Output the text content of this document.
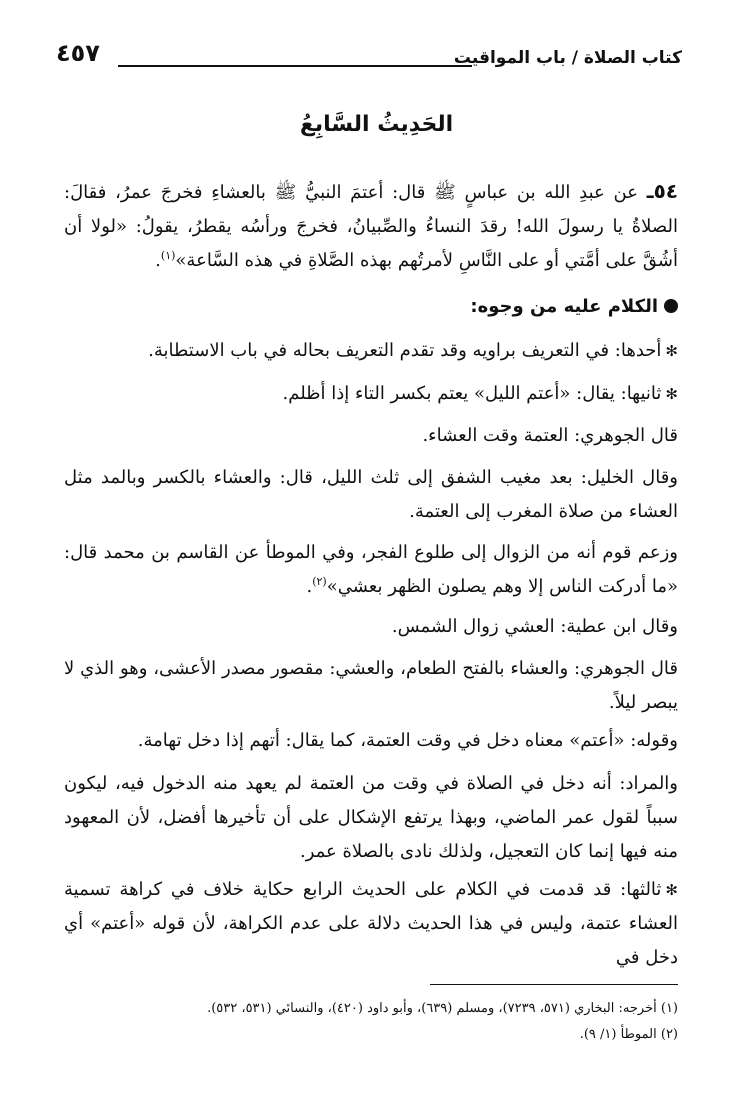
كتاب الصلاة / باب المواقيت
٤٥٧
الحَدِيثُ السَّابِعُ
٥٤ـ عن عبدِ الله بن عباسٍ ﷺ قال: أعتمَ النبيُّ ﷺ بالعشاءِ فخرجَ عمرُ، فقالَ: الصلاةُ يا رسولَ الله! رقدَ النساءُ والصِّبيانُ، فخرجَ ورأسُه يقطرُ، يقولُ: «لولا أن أشُقَّ على أمَّتي أو على النَّاسِ لأمرتُهم بهذه الصَّلاةِ في هذه السَّاعة»$^{(١)}$.
الكلام عليه من وجوه:
✻أحدها: في التعريف براويه وقد تقدم التعريف بحاله في باب الاستطابة.
✻ثانيها: يقال: «أعتم الليل» يعتم بكسر التاء إذا أظلم.
قال الجوهري: العتمة وقت العشاء.
وقال الخليل: بعد مغيب الشفق إلى ثلث الليل، قال: والعشاء بالكسر وبالمد مثل العشاء من صلاة المغرب إلى العتمة.
وزعم قوم أنه من الزوال إلى طلوع الفجر، وفي الموطأ عن القاسم بن محمد قال: «ما أدركت الناس إلا وهم يصلون الظهر بعشي»$^{(٢)}$.
وقال ابن عطية: العشي زوال الشمس.
قال الجوهري: والعشاء بالفتح الطعام، والعشي: مقصور مصدر الأعشى، وهو الذي لا يبصر ليلاً.
وقوله: «أعتم» معناه دخل في وقت العتمة، كما يقال: أتهم إذا دخل تهامة.
والمراد: أنه دخل في الصلاة في وقت من العتمة لم يعهد منه الدخول فيه، ليكون سبباً لقول عمر الماضي، وبهذا يرتفع الإشكال على أن تأخيرها أفضل، لأن المعهود منه فيها إنما كان التعجيل، ولذلك نادى بالصلاة عمر.
✻ثالثها: قد قدمت في الكلام على الحديث الرابع حكاية خلاف في كراهة تسمية العشاء عتمة، وليس في هذا الحديث دلالة على عدم الكراهة، لأن قوله «أعتم» أي دخل في
(١) أخرجه: البخاري (٥٧١، ٧٢٣٩)، ومسلم (٦٣٩)، وأبو داود (٤٢٠)، والنسائي (٥٣١، ٥٣٢).
(٢) الموطأ (١/ ٩).
